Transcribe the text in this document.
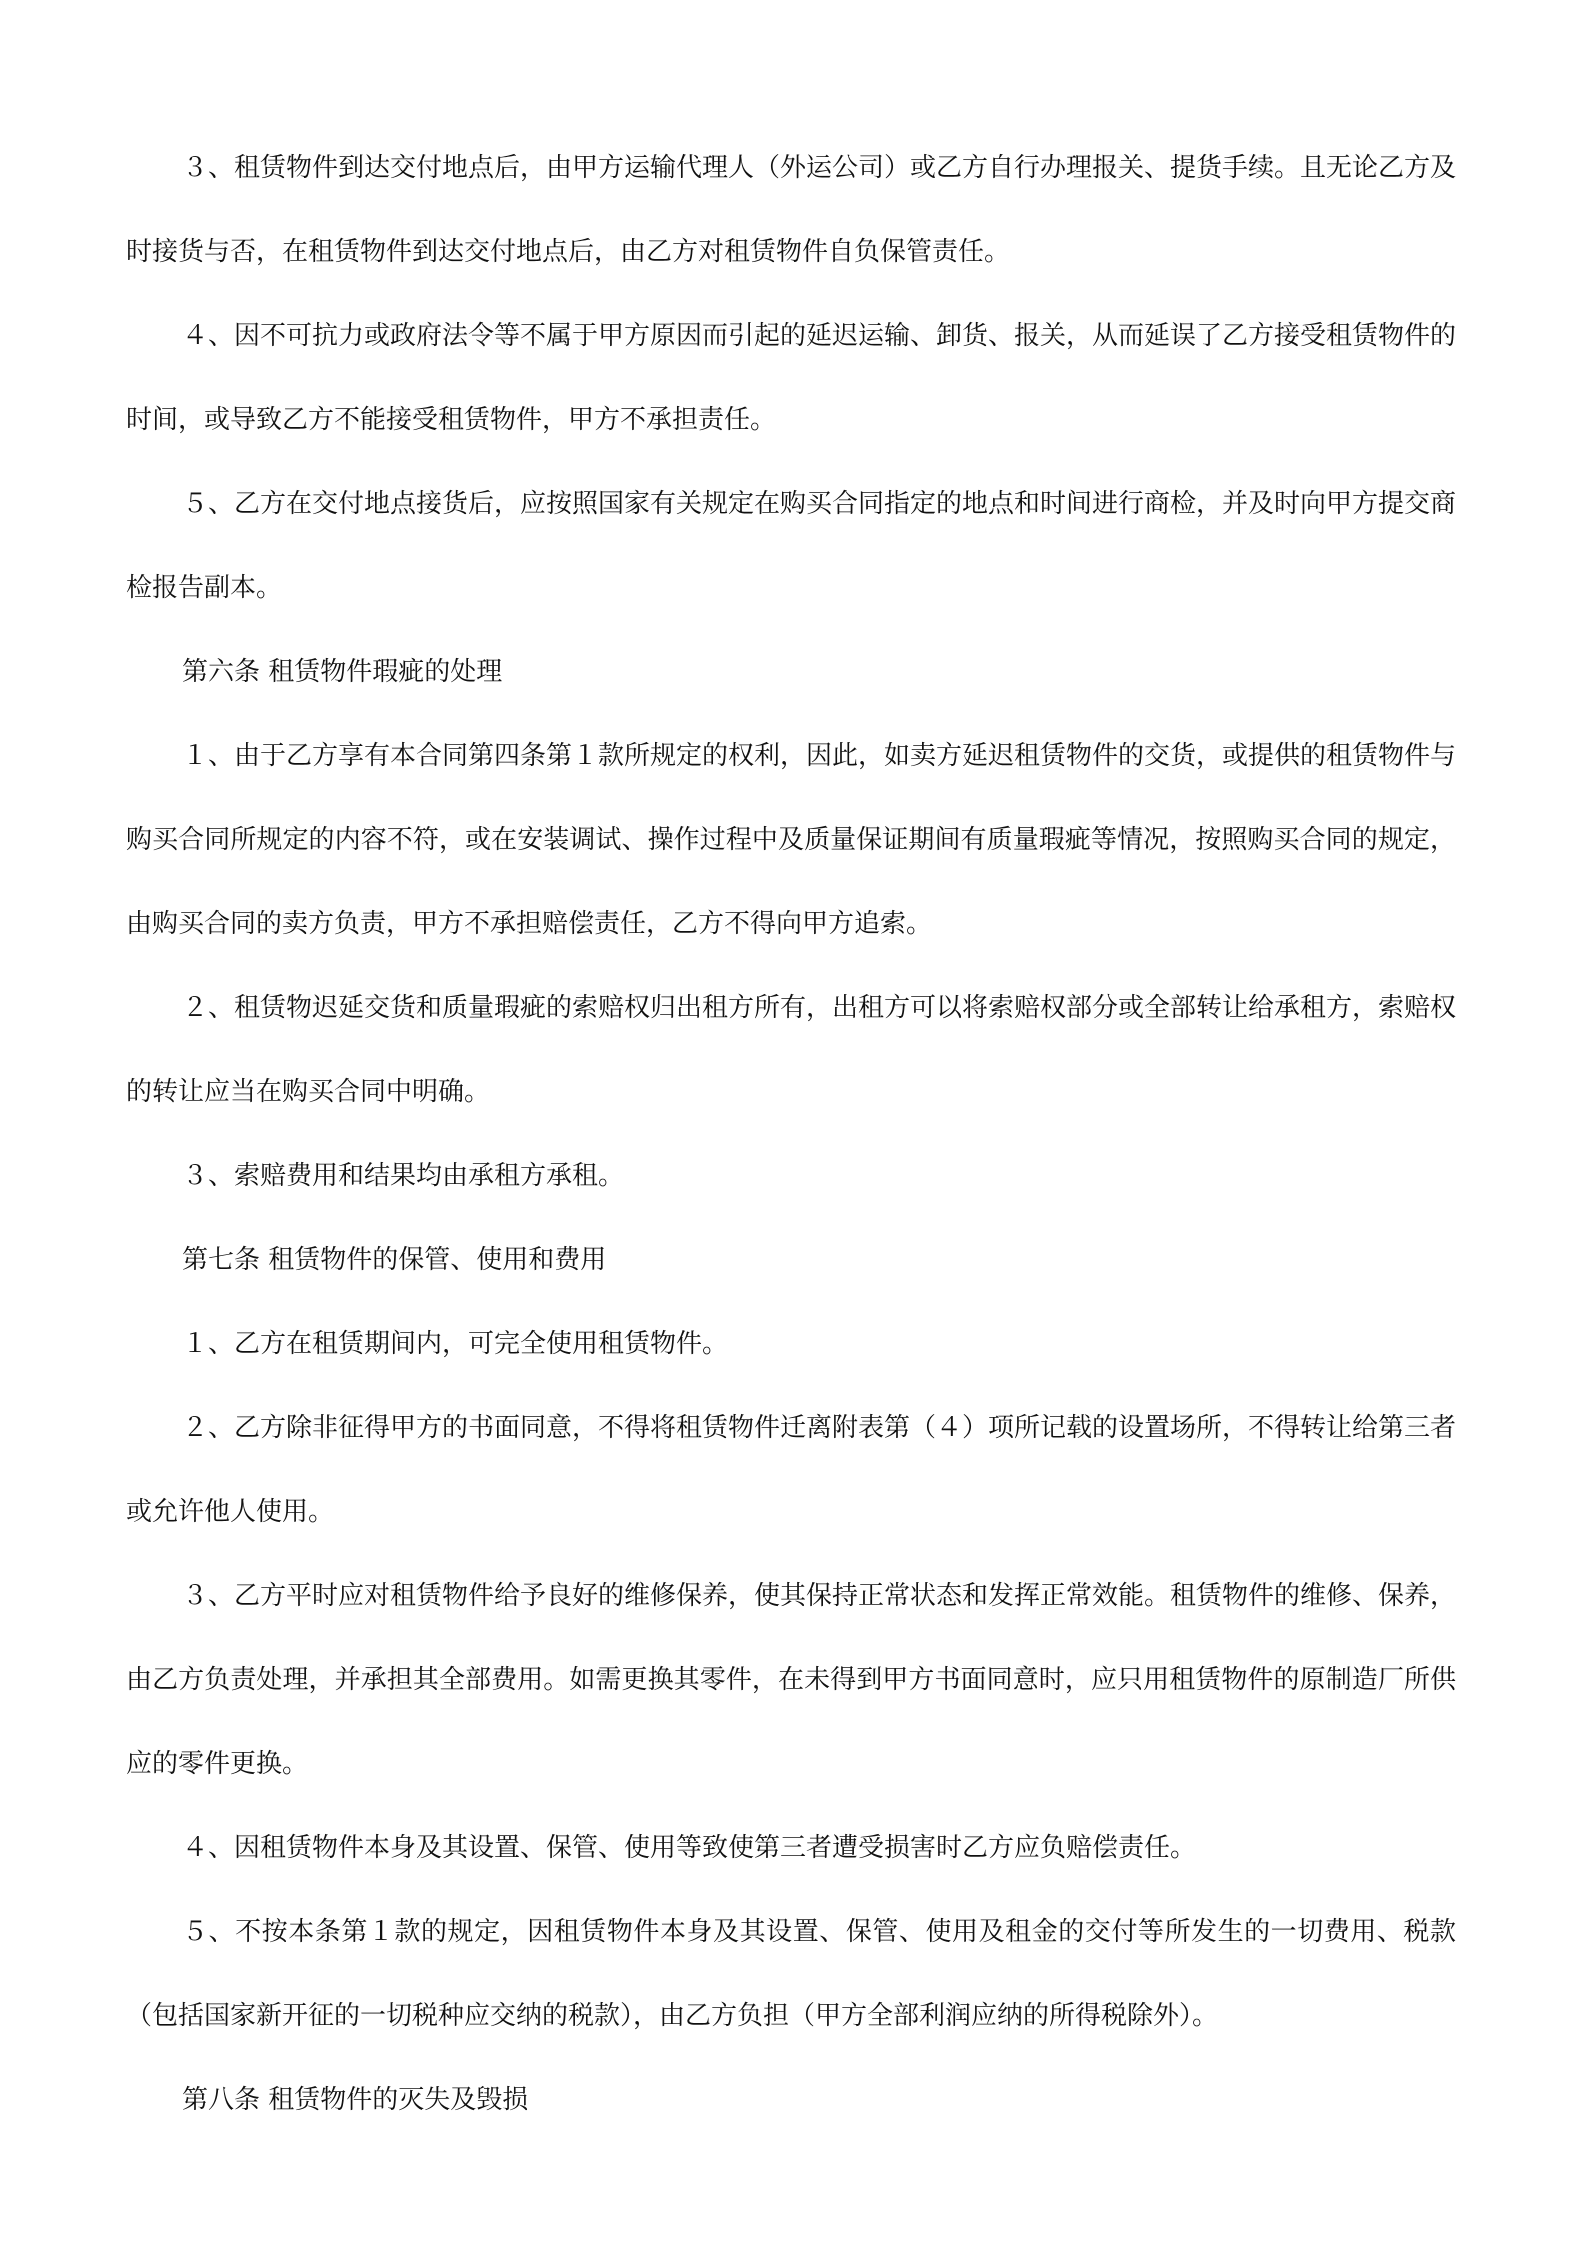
３、租赁物件到达交付地点后，由甲方运输代理人（外运公司）或乙方自行办理报关、提货手续。且无论乙方及时接货与否，在租赁物件到达交付地点后，由乙方对租赁物件自负保管责任。

４、因不可抗力或政府法令等不属于甲方原因而引起的延迟运输、卸货、报关，从而延误了乙方接受租赁物件的时间，或导致乙方不能接受租赁物件，甲方不承担责任。

５、乙方在交付地点接货后，应按照国家有关规定在购买合同指定的地点和时间进行商检，并及时向甲方提交商检报告副本。

第六条 租赁物件瑕疵的处理

１、由于乙方享有本合同第四条第１款所规定的权利，因此，如卖方延迟租赁物件的交货，或提供的租赁物件与购买合同所规定的内容不符，或在安装调试、操作过程中及质量保证期间有质量瑕疵等情况，按照购买合同的规定，由购买合同的卖方负责，甲方不承担赔偿责任，乙方不得向甲方追索。

２、租赁物迟延交货和质量瑕疵的索赔权归出租方所有，出租方可以将索赔权部分或全部转让给承租方，索赔权的转让应当在购买合同中明确。

３、索赔费用和结果均由承租方承租。

第七条 租赁物件的保管、使用和费用

１、乙方在租赁期间内，可完全使用租赁物件。

２、乙方除非征得甲方的书面同意，不得将租赁物件迁离附表第（４）项所记载的设置场所，不得转让给第三者或允许他人使用。

３、乙方平时应对租赁物件给予良好的维修保养，使其保持正常状态和发挥正常效能。租赁物件的维修、保养，由乙方负责处理，并承担其全部费用。如需更换其零件，在未得到甲方书面同意时，应只用租赁物件的原制造厂所供应的零件更换。

４、因租赁物件本身及其设置、保管、使用等致使第三者遭受损害时乙方应负赔偿责任。

５、不按本条第１款的规定，因租赁物件本身及其设置、保管、使用及租金的交付等所发生的一切费用、税款（包括国家新开征的一切税种应交纳的税款），由乙方负担（甲方全部利润应纳的所得税除外）。

第八条 租赁物件的灭失及毁损
